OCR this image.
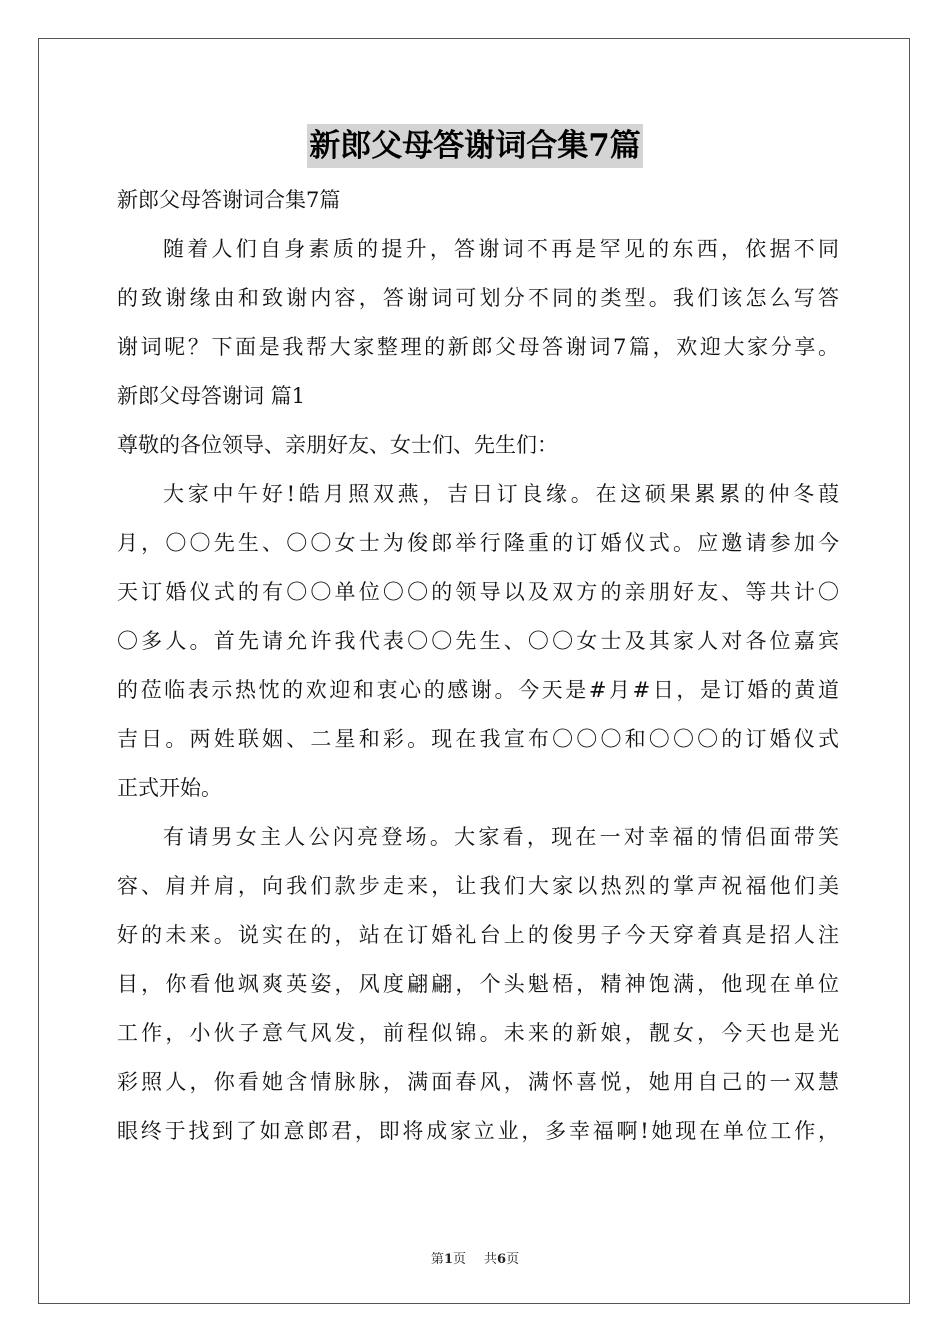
新郎父母答谢词合集7篇
新郎父母答谢词合集7篇
随着人们自身素质的提升，答谢词不再是罕见的东西，依据不同
的致谢缘由和致谢内容，答谢词可划分不同的类型。我们该怎么写答
谢词呢？下面是我帮大家整理的新郎父母答谢词7篇，欢迎大家分享。
新郎父母答谢词 篇1
尊敬的各位领导、亲朋好友、女士们、先生们：
大家中午好!皓月照双燕，吉日订良缘。在这硕果累累的仲冬葭
月，〇〇先生、〇〇女士为俊郎举行隆重的订婚仪式。应邀请参加今
天订婚仪式的有〇〇单位〇〇的领导以及双方的亲朋好友、等共计〇
〇多人。首先请允许我代表〇〇先生、〇〇女士及其家人对各位嘉宾
的莅临表示热忱的欢迎和衷心的感谢。今天是#月#日，是订婚的黄道
吉日。两姓联姻、二星和彩。现在我宣布〇〇〇和〇〇〇的订婚仪式
正式开始。
有请男女主人公闪亮登场。大家看，现在一对幸福的情侣面带笑
容、肩并肩，向我们款步走来，让我们大家以热烈的掌声祝福他们美
好的未来。说实在的，站在订婚礼台上的俊男子今天穿着真是招人注
目，你看他飒爽英姿，风度翩翩，个头魁梧，精神饱满，他现在单位
工作，小伙子意气风发，前程似锦。未来的新娘，靓女，今天也是光
彩照人，你看她含情脉脉，满面春风，满怀喜悦，她用自己的一双慧
眼终于找到了如意郎君，即将成家立业，多幸福啊!她现在单位工作，
第1页 共6页
